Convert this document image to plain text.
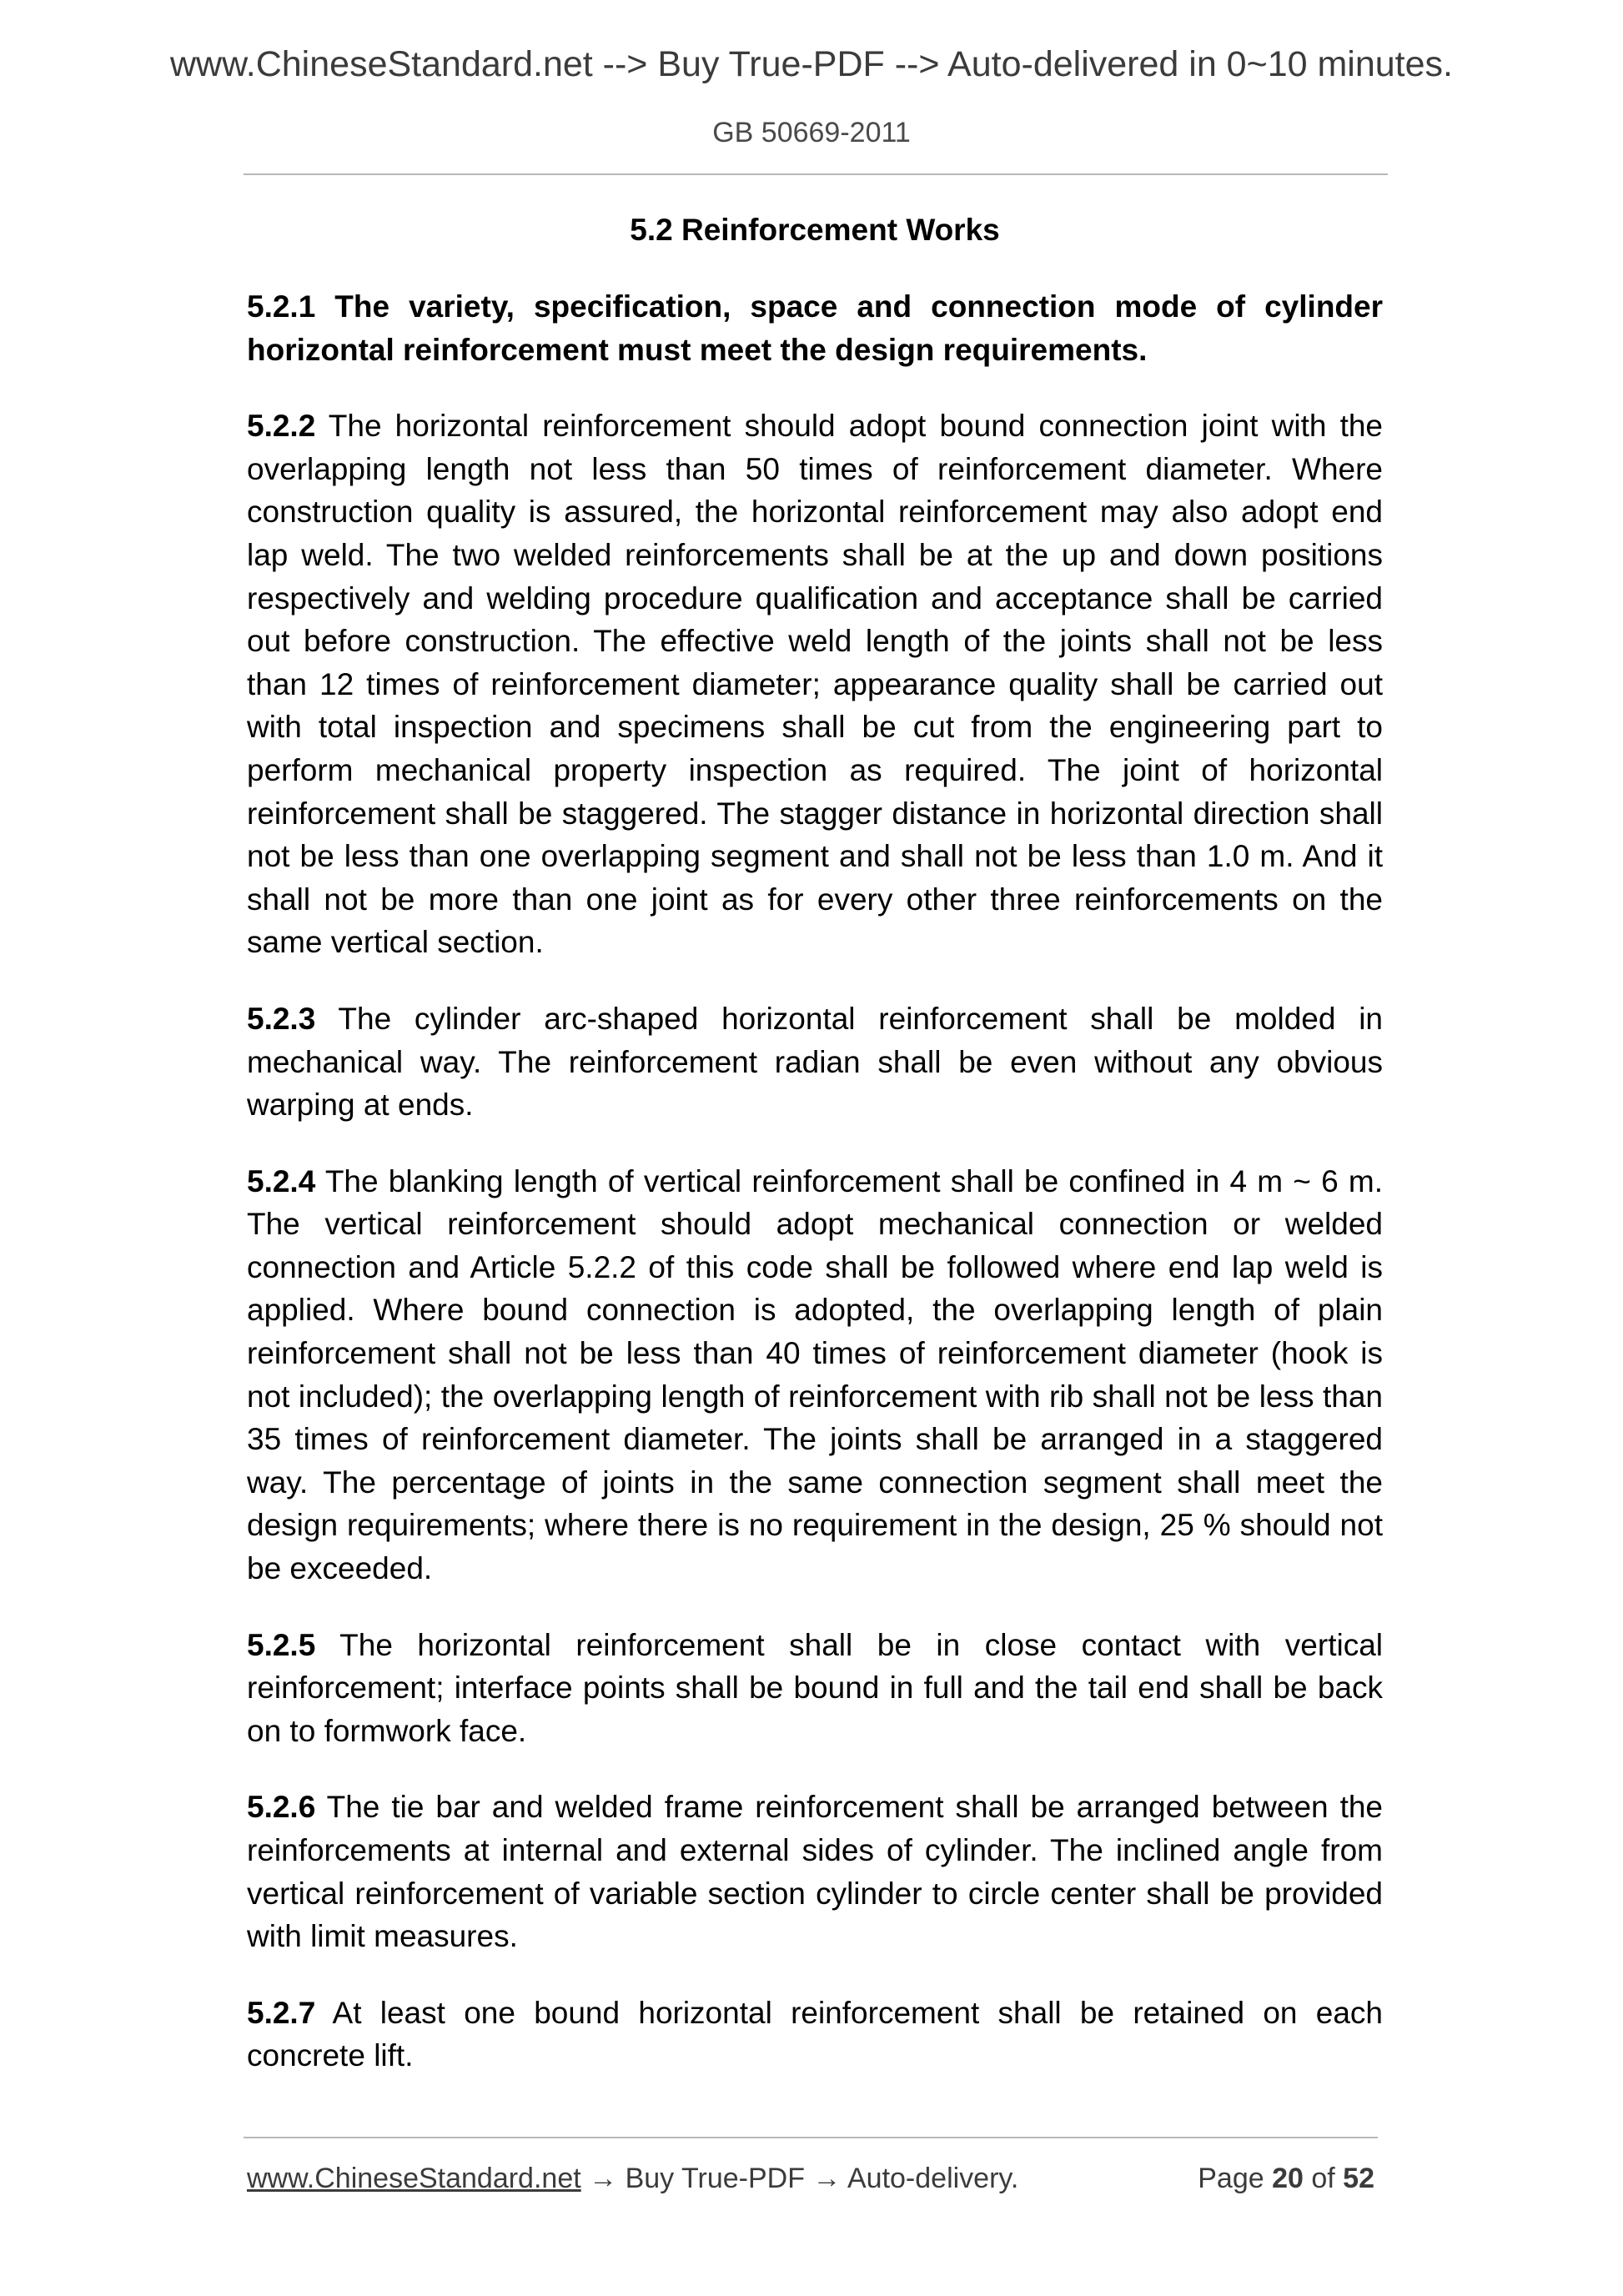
www.ChineseStandard.net --> Buy True-PDF --> Auto-delivered in 0~10 minutes.
GB 50669-2011
5.2 Reinforcement Works

5.2.1 The variety, specification, space and connection mode of cylinder horizontal reinforcement must meet the design requirements.

5.2.2 The horizontal reinforcement should adopt bound connection joint with the overlapping length not less than 50 times of reinforcement diameter. Where construction quality is assured, the horizontal reinforcement may also adopt end lap weld. The two welded reinforcements shall be at the up and down positions respectively and welding procedure qualification and acceptance shall be carried out before construction. The effective weld length of the joints shall not be less than 12 times of reinforcement diameter; appearance quality shall be carried out with total inspection and specimens shall be cut from the engineering part to perform mechanical property inspection as required. The joint of horizontal reinforcement shall be staggered. The stagger distance in horizontal direction shall not be less than one overlapping segment and shall not be less than 1.0 m. And it shall not be more than one joint as for every other three reinforcements on the same vertical section.

5.2.3 The cylinder arc-shaped horizontal reinforcement shall be molded in mechanical way. The reinforcement radian shall be even without any obvious warping at ends.

5.2.4 The blanking length of vertical reinforcement shall be confined in 4 m ~ 6 m. The vertical reinforcement should adopt mechanical connection or welded connection and Article 5.2.2 of this code shall be followed where end lap weld is applied. Where bound connection is adopted, the overlapping length of plain reinforcement shall not be less than 40 times of reinforcement diameter (hook is not included); the overlapping length of reinforcement with rib shall not be less than 35 times of reinforcement diameter. The joints shall be arranged in a staggered way. The percentage of joints in the same connection segment shall meet the design requirements; where there is no requirement in the design, 25 % should not be exceeded.

5.2.5 The horizontal reinforcement shall be in close contact with vertical reinforcement; interface points shall be bound in full and the tail end shall be back on to formwork face.

5.2.6 The tie bar and welded frame reinforcement shall be arranged between the reinforcements at internal and external sides of cylinder. The inclined angle from vertical reinforcement of variable section cylinder to circle center shall be provided with limit measures.

5.2.7 At least one bound horizontal reinforcement shall be retained on each concrete lift.

www.ChineseStandard.net → Buy True-PDF → Auto-delivery.	Page 20 of 52
